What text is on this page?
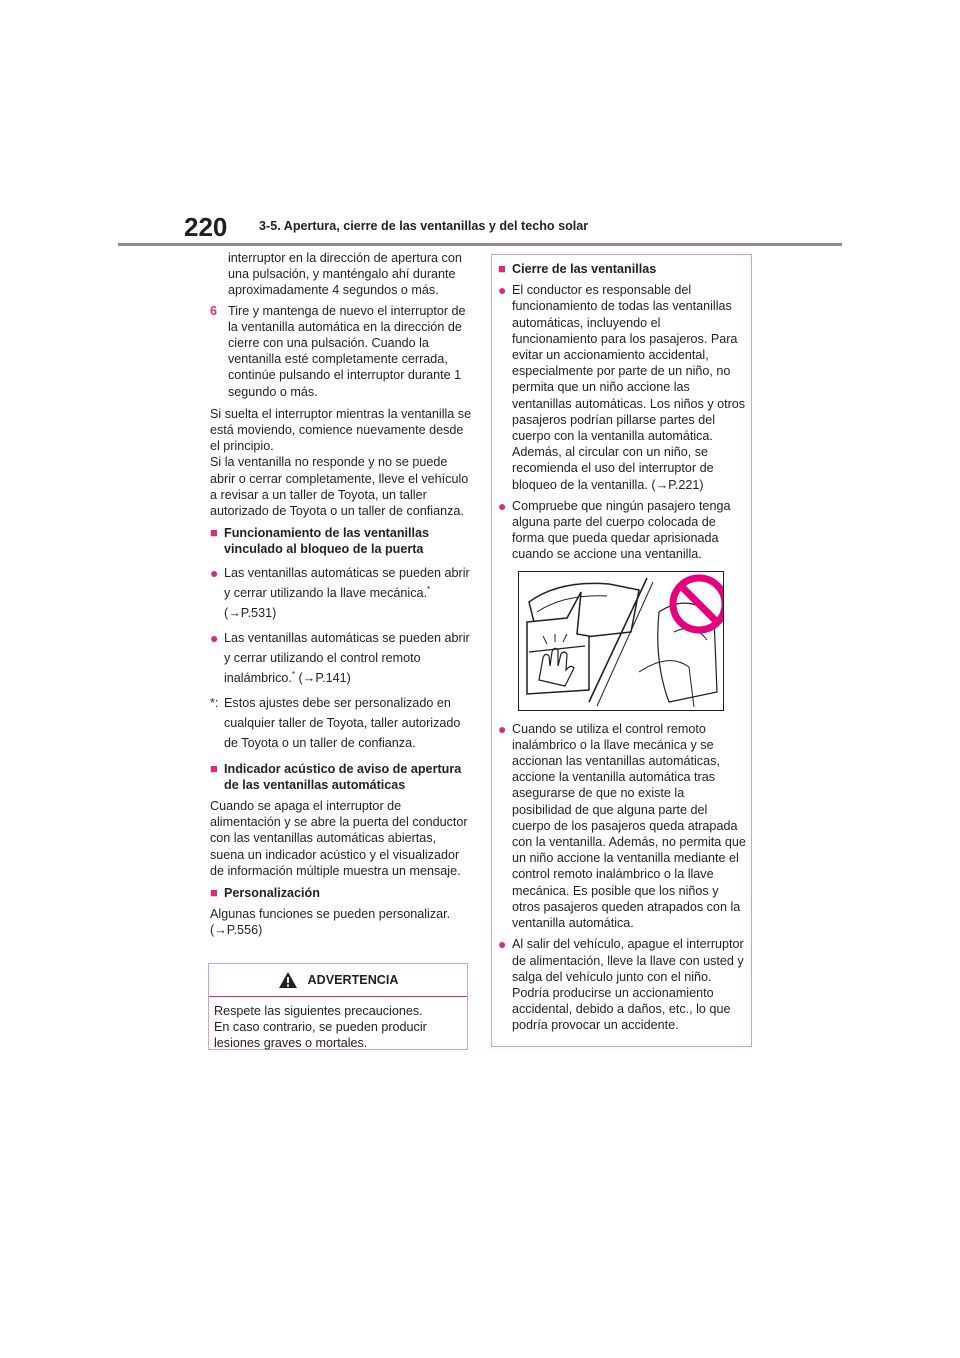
220	3-5. Apertura, cierre de las ventanillas y del techo solar

interruptor en la dirección de apertura con una pulsación, y manténgalo ahí durante aproximadamente 4 segundos o más.

6 Tire y mantenga de nuevo el interruptor de la ventanilla automática en la dirección de cierre con una pulsación. Cuando la ventanilla esté completamente cerrada, continúe pulsando el interruptor durante 1 segundo o más.

Si suelta el interruptor mientras la ventanilla se está moviendo, comience nuevamente desde el principio.

Si la ventanilla no responde y no se puede abrir o cerrar completamente, lleve el vehículo a revisar a un taller de Toyota, un taller autorizado de Toyota o un taller de confianza.

■ Funcionamiento de las ventanillas vinculado al bloqueo de la puerta
● Las ventanillas automáticas se pueden abrir y cerrar utilizando la llave mecánica.*
(→P.531)
● Las ventanillas automáticas se pueden abrir y cerrar utilizando el control remoto inalámbrico.* (→P.141)
*: Estos ajustes debe ser personalizado en cualquier taller de Toyota, taller autorizado de Toyota o un taller de confianza.
■ Indicador acústico de aviso de apertura de las ventanillas automáticas

Cuando se apaga el interruptor de alimentación y se abre la puerta del conductor con las ventanillas automáticas abiertas, suena un indicador acústico y el visualizador de información múltiple muestra un mensaje.

■ Personalización

Algunas funciones se pueden personalizar.
(→P.556)

ADVERTENCIA

Respete las siguientes precauciones.

En caso contrario, se pueden producir lesiones graves o mortales.

■ Cierre de las ventanillas
● El conductor es responsable del funcionamiento de todas las ventanillas automáticas, incluyendo el funcionamiento para los pasajeros. Para evitar un accionamiento accidental, especialmente por parte de un niño, no permita que un niño accione las ventanillas automáticas. Los niños y otros pasajeros podrían pillarse partes del cuerpo con la ventanilla automática. Además, al circular con un niño, se recomienda el uso del interruptor de bloqueo de la ventanilla. (→P.221)
● Compruebe que ningún pasajero tenga alguna parte del cuerpo colocada de forma que pueda quedar aprisionada cuando se accione una ventanilla.
● Cuando se utiliza el control remoto inalámbrico o la llave mecánica y se accionan las ventanillas automáticas, accione la ventanilla automática tras asegurarse de que no existe la posibilidad de que alguna parte del cuerpo de los pasajeros queda atrapada con la ventanilla. Además, no permita que un niño accione la ventanilla mediante el control remoto inalámbrico o la llave mecánica. Es posible que los niños y otros pasajeros queden atrapados con la ventanilla automática.
● Al salir del vehículo, apague el interruptor de alimentación, lleve la llave con usted y salga del vehículo junto con el niño. Podría producirse un accionamiento accidental, debido a daños, etc., lo que podría provocar un accidente.
